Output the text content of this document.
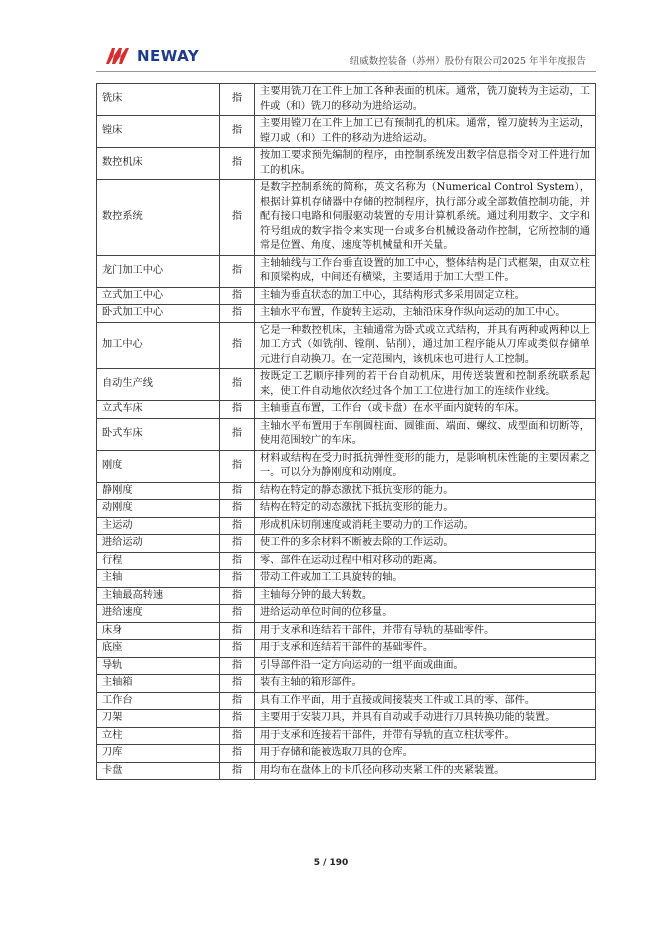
NEWAY	纽威数控装备（苏州）股份有限公司2025 年半年度报告
铣床	指	主要用铣刀在工件上加工各种表面的机床。通常，铣刀旋转为主运动，工件或（和）铣刀的移动为进给运动。
镗床	指	主要用镗刀在工件上加工已有预制孔的机床。通常，镗刀旋转为主运动，镗刀或（和）工件的移动为进给运动。
数控机床	指	按加工要求预先编制的程序，由控制系统发出数字信息指令对工件进行加工的机床。
数控系统	指	是数字控制系统的简称，英文名称为（Numerical Control System），根据计算机存储器中存储的控制程序，执行部分或全部数值控制功能，并配有接口电路和伺服驱动装置的专用计算机系统。通过利用数字、文字和符号组成的数字指令来实现一台或多台机械设备动作控制，它所控制的通常是位置、角度、速度等机械量和开关量。
龙门加工中心	指	主轴轴线与工作台垂直设置的加工中心，整体结构是门式框架，由双立柱和顶梁构成，中间还有横梁，主要适用于加工大型工件。
立式加工中心	指	主轴为垂直状态的加工中心，其结构形式多采用固定立柱。
卧式加工中心	指	主轴水平布置，作旋转主运动，主轴沿床身作纵向运动的加工中心。
加工中心	指	它是一种数控机床，主轴通常为卧式或立式结构，并具有两种或两种以上加工方式（如铣削、镗削、钻削），通过加工程序能从刀库或类似存储单元进行自动换刀。在一定范围内，该机床也可进行人工控制。
自动生产线	指	按既定工艺顺序排列的若干台自动机床，用传送装置和控制系统联系起来，使工件自动地依次经过各个加工工位进行加工的连续作业线。
立式车床	指	主轴垂直布置，工作台（或卡盘）在水平面内旋转的车床。
卧式车床	指	主轴水平布置用于车削圆柱面、圆锥面、端面、螺纹、成型面和切断等，使用范围较广的车床。
刚度	指	材料或结构在受力时抵抗弹性变形的能力，是影响机床性能的主要因素之一。可以分为静刚度和动刚度。
静刚度	指	结构在特定的静态激扰下抵抗变形的能力。
动刚度	指	结构在特定的动态激扰下抵抗变形的能力。
主运动	指	形成机床切削速度或消耗主要动力的工作运动。
进给运动	指	使工件的多余材料不断被去除的工作运动。
行程	指	零、部件在运动过程中相对移动的距离。
主轴	指	带动工件或加工工具旋转的轴。
主轴最高转速	指	主轴每分钟的最大转数。
进给速度	指	进给运动单位时间的位移量。
床身	指	用于支承和连结若干部件，并带有导轨的基础零件。
底座	指	用于支承和连结若干部件的基础零件。
导轨	指	引导部件沿一定方向运动的一组平面或曲面。
主轴箱	指	装有主轴的箱形部件。
工作台	指	具有工作平面，用于直接或间接装夹工件或工具的零、部件。
刀架	指	主要用于安装刀具，并具有自动或手动进行刀具转换功能的装置。
立柱	指	用于支承和连接若干部件，并带有导轨的直立柱状零件。
刀库	指	用于存储和能被选取刀具的仓库。
卡盘	指	用均布在盘体上的卡爪径向移动夹紧工件的夹紧装置。
5 / 190
